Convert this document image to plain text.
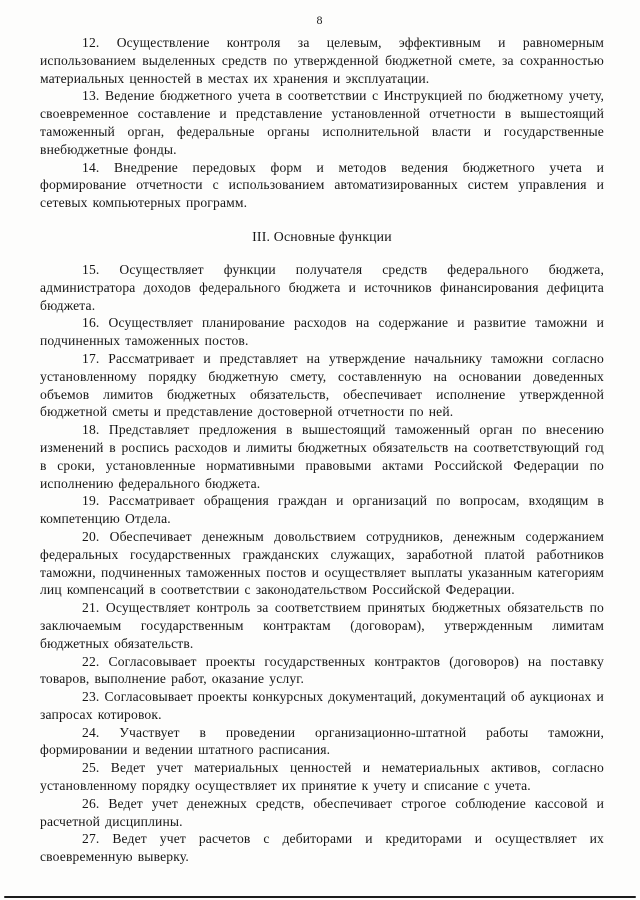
8

12. Осуществление контроля за целевым, эффективным и равномерным использованием выделенных средств по утвержденной бюджетной смете, за сохранностью материальных ценностей в местах их хранения и эксплуатации.

13. Ведение бюджетного учета в соответствии с Инструкцией по бюджетному учету, своевременное составление и представление установленной отчетности в вышестоящий таможенный орган, федеральные органы исполнительной власти и государственные внебюджетные фонды.

14. Внедрение передовых форм и методов ведения бюджетного учета и формирование отчетности с использованием автоматизированных систем управления и сетевых компьютерных программ.

III. Основные функции

15. Осуществляет функции получателя средств федерального бюджета, администратора доходов федерального бюджета и источников финансирования дефицита бюджета.

16. Осуществляет планирование расходов на содержание и развитие таможни и подчиненных таможенных постов.

17. Рассматривает и представляет на утверждение начальнику таможни согласно установленному порядку бюджетную смету, составленную на основании доведенных объемов лимитов бюджетных обязательств, обеспечивает исполнение утвержденной бюджетной сметы и представление достоверной отчетности по ней.

18. Представляет предложения в вышестоящий таможенный орган по внесению изменений в роспись расходов и лимиты бюджетных обязательств на соответствующий год в сроки, установленные нормативными правовыми актами Российской Федерации по исполнению федерального бюджета.

19. Рассматривает обращения граждан и организаций по вопросам, входящим в компетенцию Отдела.

20. Обеспечивает денежным довольствием сотрудников, денежным содержанием федеральных государственных гражданских служащих, заработной платой работников таможни, подчиненных таможенных постов и осуществляет выплаты указанным категориям лиц компенсаций в соответствии с законодательством Российской Федерации.

21. Осуществляет контроль за соответствием принятых бюджетных обязательств по заключаемым государственным контрактам (договорам), утвержденным лимитам бюджетных обязательств.

22. Согласовывает проекты государственных контрактов (договоров) на поставку товаров, выполнение работ, оказание услуг.

23. Согласовывает проекты конкурсных документаций, документаций об аукционах и запросах котировок.

24. Участвует в проведении организационно-штатной работы таможни, формировании и ведении штатного расписания.

25. Ведет учет материальных ценностей и нематериальных активов, согласно установленному порядку осуществляет их принятие к учету и списание с учета.

26. Ведет учет денежных средств, обеспечивает строгое соблюдение кассовой и расчетной дисциплины.

27. Ведет учет расчетов с дебиторами и кредиторами и осуществляет их своевременную выверку.
